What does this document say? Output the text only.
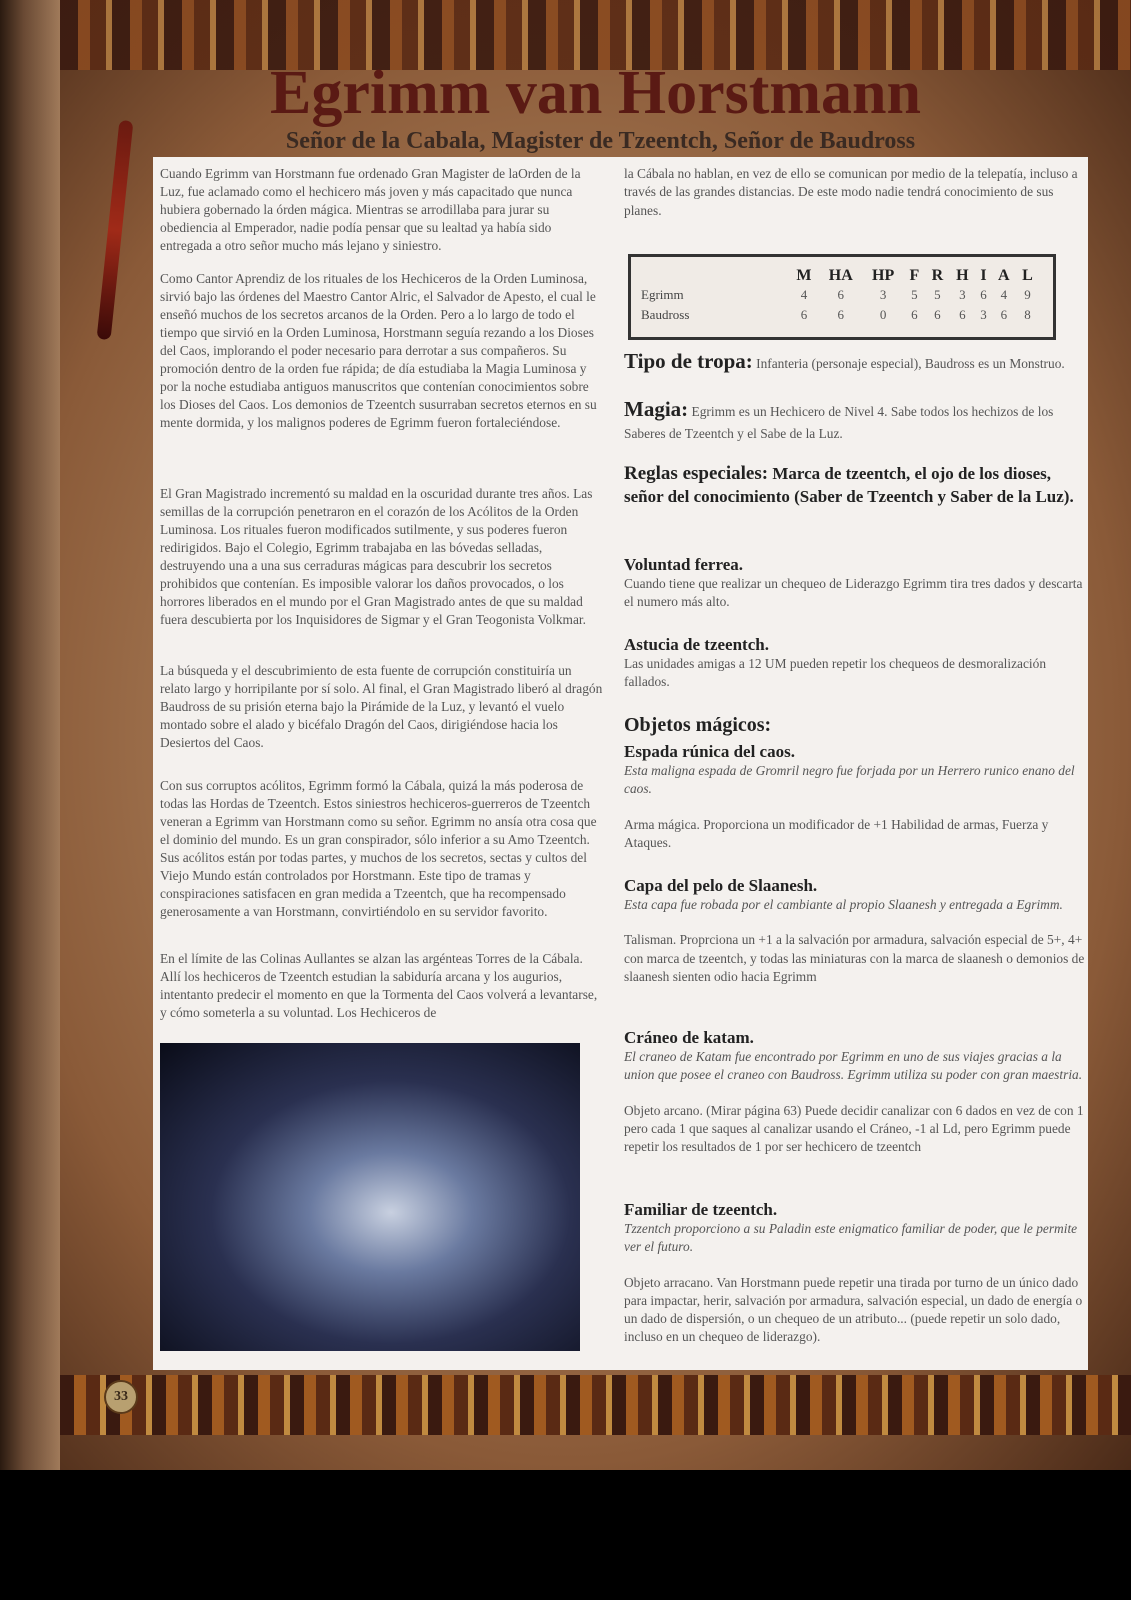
33
Egrimm van Horstmann
Señor de la Cabala, Magister de Tzeentch, Señor de Baudross

Cuando Egrimm van Horstmann fue ordenado Gran Magister de laOrden de la Luz, fue aclamado como el hechicero más joven y más capacitado que nunca hubiera gobernado la órden mágica. Mientras se arrodillaba para jurar su obediencia al Emperador, nadie podía pensar que su lealtad ya había sido entregada a otro señor mucho más lejano y siniestro.

Como Cantor Aprendiz de los rituales de los Hechiceros de la Orden Luminosa, sirvió bajo las órdenes del Maestro Cantor Alric, el Salvador de Apesto, el cual le enseñó muchos de los secretos arcanos de la Orden. Pero a lo largo de todo el tiempo que sirvió en la Orden Luminosa, Horstmann seguía rezando a los Dioses del Caos, implorando el poder necesario para derrotar a sus compañeros. Su promoción dentro de la orden fue rápida; de día estudiaba la Magia Luminosa y por la noche estudiaba antiguos manuscritos que contenían conocimientos sobre los Dioses del Caos. Los demonios de Tzeentch susurraban secretos eternos en su mente dormida, y los malignos poderes de Egrimm fueron fortaleciéndose.

El Gran Magistrado incrementó su maldad en la oscuridad durante tres años. Las semillas de la corrupción penetraron en el corazón de los Acólitos de la Orden Luminosa. Los rituales fueron modificados sutilmente, y sus poderes fueron redirigidos. Bajo el Colegio, Egrimm trabajaba en las bóvedas selladas, destruyendo una a una sus cerraduras mágicas para descubrir los secretos prohibidos que contenían. Es imposible valorar los daños provocados, o los horrores liberados en el mundo por el Gran Magistrado antes de que su maldad fuera descubierta por los Inquisidores de Sigmar y el Gran Teogonista Volkmar.

La búsqueda y el descubrimiento de esta fuente de corrupción constituiría un relato largo y horripilante por sí solo. Al final, el Gran Magistrado liberó al dragón Baudross de su prisión eterna bajo la Pirámide de la Luz, y levantó el vuelo montado sobre el alado y bicéfalo Dragón del Caos, dirigiéndose hacia los Desiertos del Caos.

Con sus corruptos acólitos, Egrimm formó la Cábala, quizá la más poderosa de todas las Hordas de Tzeentch. Estos siniestros hechiceros-guerreros de Tzeentch veneran a Egrimm van Horstmann como su señor. Egrimm no ansía otra cosa que el dominio del mundo. Es un gran conspirador, sólo inferior a su Amo Tzeentch. Sus acólitos están por todas partes, y muchos de los secretos, sectas y cultos del Viejo Mundo están controlados por Horstmann. Este tipo de tramas y conspiraciones satisfacen en gran medida a Tzeentch, que ha recompensado generosamente a van Horstmann, convirtiéndolo en su servidor favorito.

En el límite de las Colinas Aullantes se alzan las argénteas Torres de la Cábala. Allí los hechiceros de Tzeentch estudian la sabiduría arcana y los augurios, intentanto predecir el momento en que la Tormenta del Caos volverá a levantarse, y cómo someterla a su voluntad. Los Hechiceros de

la Cábala no hablan, en vez de ello se comunican por medio de la telepatía, incluso a través de las grandes distancias. De este modo nadie tendrá conocimiento de sus planes.

	M	HA	HP	F	R	H	I	A	L
Egrimm	4	6	3	5	5	3	6	4	9
Baudross	6	6	0	6	6	6	3	6	8

Tipo de tropa: Infanteria (personaje especial), Baudross es un Monstruo.

Magia: Egrimm es un Hechicero de Nivel 4. Sabe todos los hechizos de los Saberes de Tzeentch y el Sabe de la Luz.

Reglas especiales: Marca de tzeentch, el ojo de los dioses, señor del conocimiento (Saber de Tzeentch y Saber de la Luz).

Voluntad ferrea.
Cuando tiene que realizar un chequeo de Liderazgo Egrimm tira tres dados y descarta el numero más alto.
Astucia de tzeentch.
Las unidades amigas a 12 UM pueden repetir los chequeos de desmoralización fallados.
Objetos mágicos:
Espada rúnica del caos.
Esta maligna espada de Gromril negro fue forjada por un Herrero runico enano del caos.
Arma mágica. Proporciona un modificador de +1 Habilidad de armas, Fuerza y Ataques.
Capa del pelo de Slaanesh.
Esta capa fue robada por el cambiante al propio Slaanesh y entregada a Egrimm.
Talisman. Proprciona un +1 a la salvación por armadura, salvación especial de 5+, 4+ con marca de tzeentch, y todas las miniaturas con la marca de slaanesh o demonios de slaanesh sienten odio hacia Egrimm
Cráneo de katam.
El craneo de Katam fue encontrado por Egrimm en uno de sus viajes gracias a la union que posee el craneo con Baudross. Egrimm utiliza su poder con gran maestria.
Objeto arcano. (Mirar página 63) Puede decidir canalizar con 6 dados en vez de con 1 pero cada 1 que saques al canalizar usando el Cráneo, -1 al Ld, pero Egrimm puede repetir los resultados de 1 por ser hechicero de tzeentch
Familiar de tzeentch.
Tzzentch proporciono a su Paladin este enigmatico familiar de poder, que le permite ver el futuro.
Objeto arracano. Van Horstmann puede repetir una tirada por turno de un único dado para impactar, herir, salvación por armadura, salvación especial, un dado de energía o un dado de dispersión, o un chequeo de un atributo... (puede repetir un solo dado, incluso en un chequeo de liderazgo).
